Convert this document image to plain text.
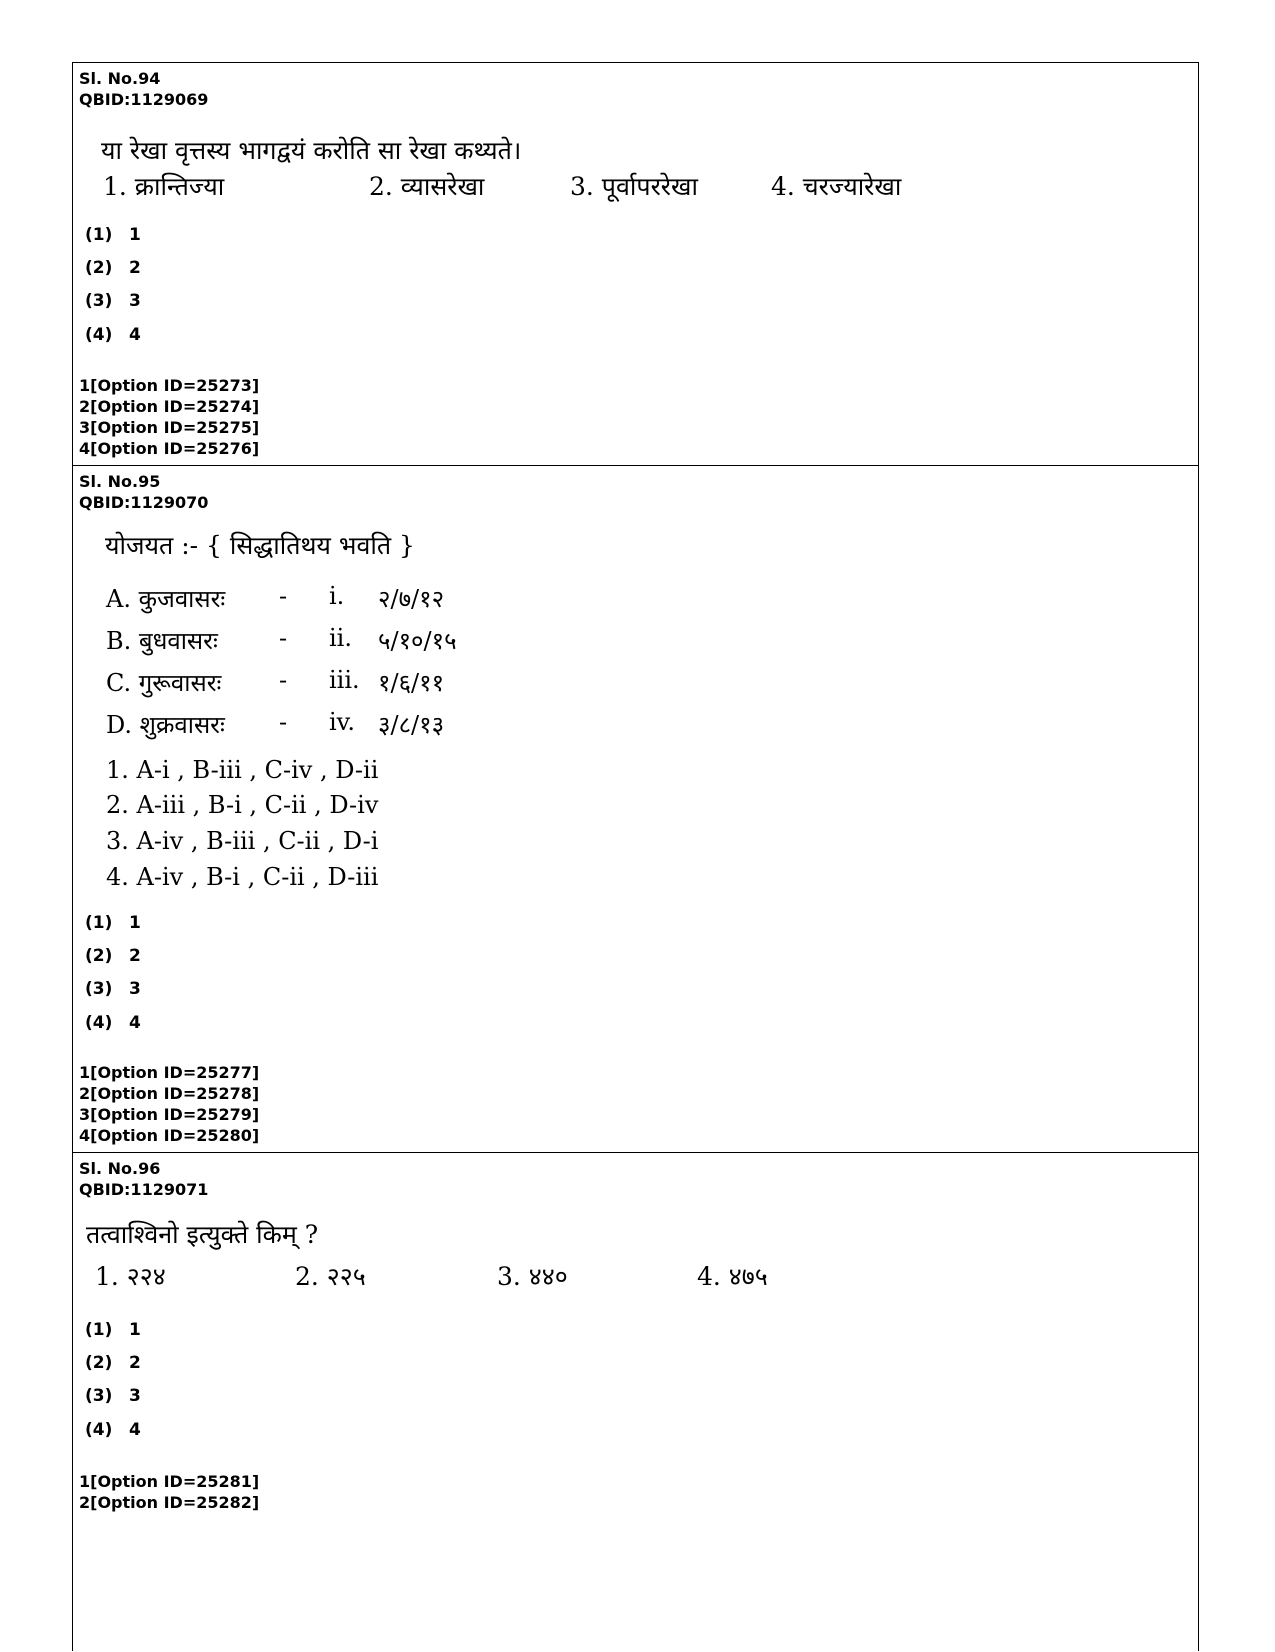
Sl. No.94
QBID:1129069
या रेखा वृत्तस्य भागद्वयं करोति सा रेखा कथ्यते।
1. क्रान्तिज्या	2. व्यासरेखा	3. पूर्वापररेखा	4. चरज्यारेखा
(1) 1
(2) 2
(3) 3
(4) 4
1[Option ID=25273]
2[Option ID=25274]
3[Option ID=25275]
4[Option ID=25276]
Sl. No.95
QBID:1129070
योजयत :- { सिद्धातिथय भवति }
A. कुजवासरः - i. २/७/१२
B. बुधवासरः	- ii. ५/१०/१५
C. गुरूवासरः - iii. १/६/११
D. शुक्रवासरः - iv. ३/८/१३
1. A-i , B-iii , C-iv , D-ii
2. A-iii , B-i , C-ii , D-iv
3. A-iv , B-iii , C-ii , D-i
4. A-iv , B-i , C-ii , D-iii
(1) 1
(2) 2
(3) 3
(4) 4
1[Option ID=25277]
2[Option ID=25278]
3[Option ID=25279]
4[Option ID=25280]
Sl. No.96
QBID:1129071
तत्वाश्विनो इत्युक्ते किम् ?
1. २२४	2. २२५	3. ४४०	4. ४७५
(1) 1
(2) 2
(3) 3
(4) 4
1[Option ID=25281]
2[Option ID=25282]
